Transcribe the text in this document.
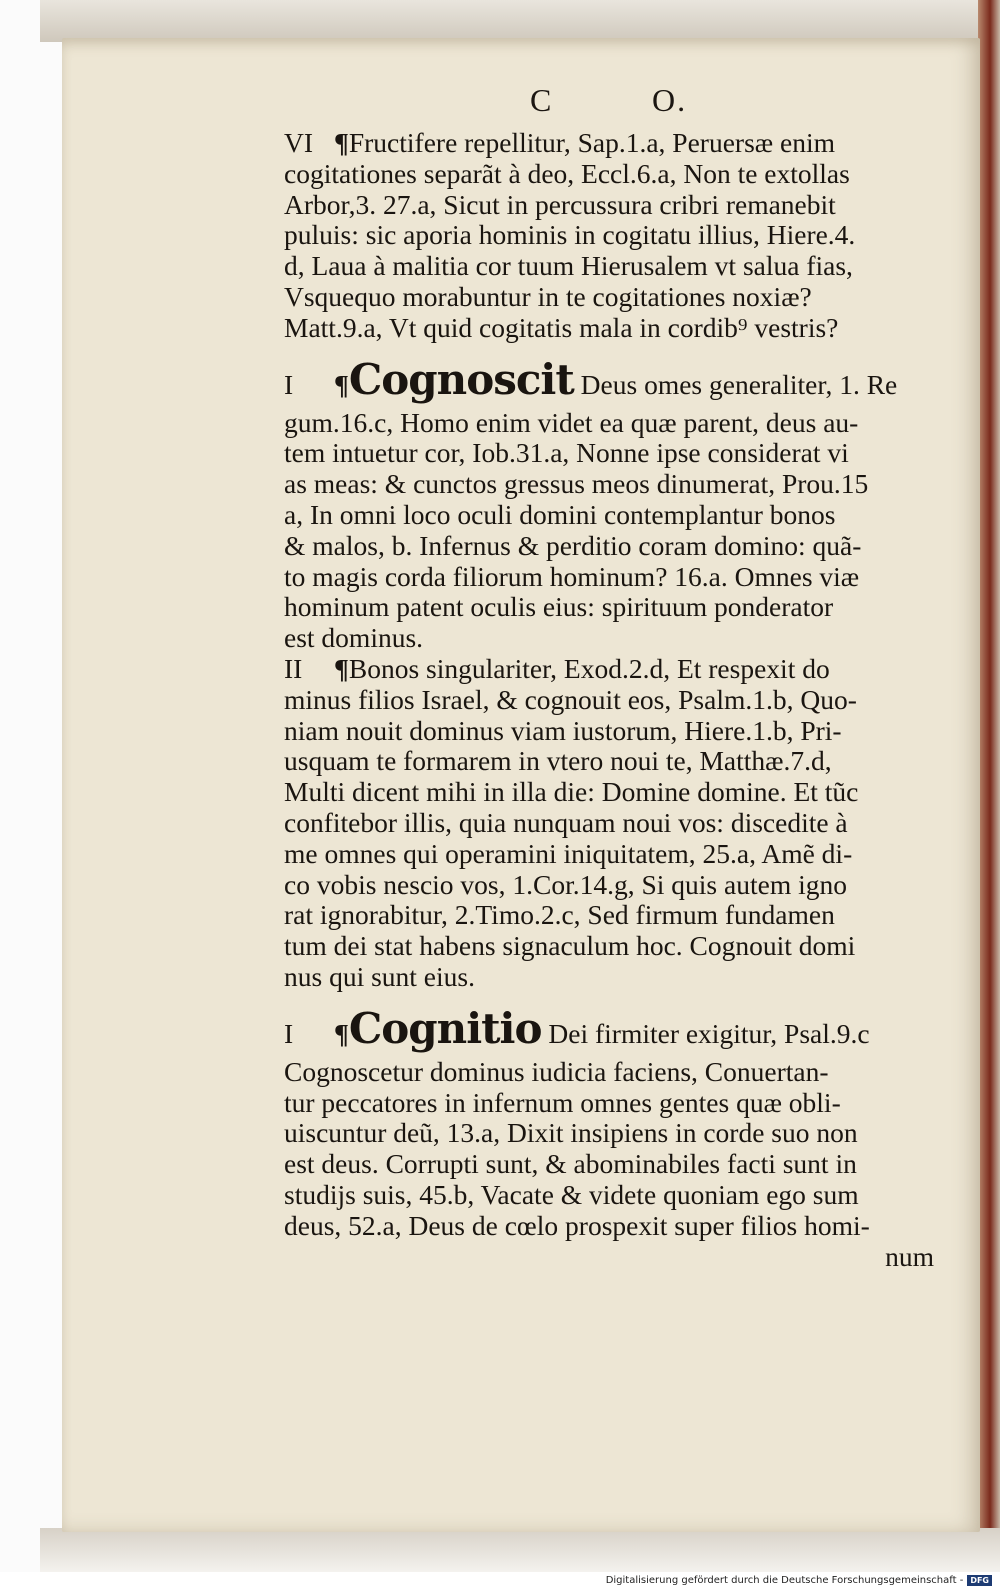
C	O.
VI ¶Fructifere repellitur, Sap.1.a, Peruersæ enim
cogitationes separãt à deo, Eccl.6.a, Non te extollas
Arbor,3. 27.a, Sicut in percussura cribri remanebit
puluis: sic aporia hominis in cogitatu illius, Hiere.4.
d, Laua à malitia cor tuum Hierusalem vt salua fias,
Vsquequo morabuntur in te cogitationes noxiæ?
Matt.9.a, Vt quid cogitatis mala in cordib⁹ vestris?
I ¶Cognoscit Deus omes generaliter, 1. Re
gum.16.c, Homo enim videt ea quæ parent, deus au-
tem intuetur cor, Iob.31.a, Nonne ipse considerat vi
as meas: & cunctos gressus meos dinumerat, Prou.15
a, In omni loco oculi domini contemplantur bonos
& malos, b. Infernus & perditio coram domino: quã-
to magis corda filiorum hominum? 16.a. Omnes viæ
hominum patent oculis eius: spirituum ponderator
est dominus.
II ¶Bonos singulariter, Exod.2.d, Et respexit do
minus filios Israel, & cognouit eos, Psalm.1.b, Quo-
niam nouit dominus viam iustorum, Hiere.1.b, Pri-
usquam te formarem in vtero noui te, Matthæ.7.d,
Multi dicent mihi in illa die: Domine domine. Et tũc
confitebor illis, quia nunquam noui vos: discedite à
me omnes qui operamini iniquitatem, 25.a, Amẽ di-
co vobis nescio vos, 1.Cor.14.g, Si quis autem igno
rat ignorabitur, 2.Timo.2.c, Sed firmum fundamen
tum dei stat habens signaculum hoc. Cognouit domi
nus qui sunt eius.
I ¶Cognitio Dei firmiter exigitur, Psal.9.c
Cognoscetur dominus iudicia faciens, Conuertan-
tur peccatores in infernum omnes gentes quæ obli-
uiscuntur deũ, 13.a, Dixit insipiens in corde suo non
est deus. Corrupti sunt, & abominabiles facti sunt in
studijs suis, 45.b, Vacate & videte quoniam ego sum
deus, 52.a, Deus de cœlo prospexit super filios homi-
num
Digitalisierung gefördert durch die Deutsche Forschungsgemeinschaft - DFG
